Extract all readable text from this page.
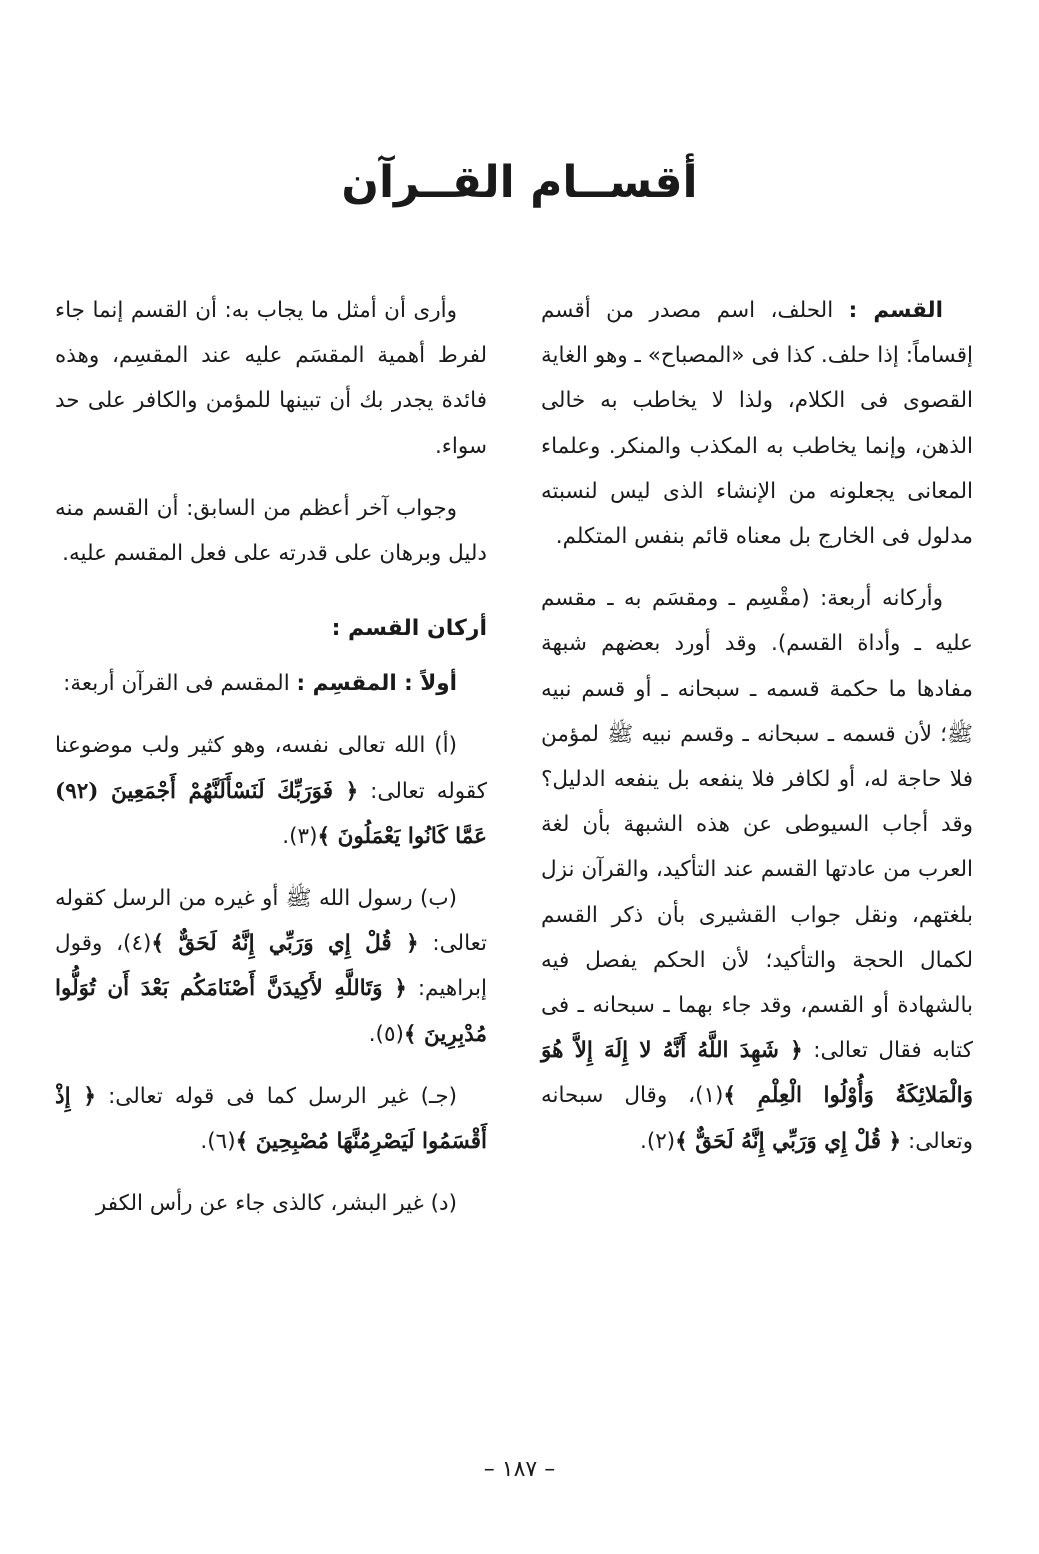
أقســام القــرآن

القسم : الحلف، اسم مصدر من أقسم إقساماً: إذا حلف. كذا فى «المصباح» ـ وهو الغاية القصوى فى الكلام، ولذا لا يخاطب به خالى الذهن، وإنما يخاطب به المكذب والمنكر. وعلماء المعانى يجعلونه من الإنشاء الذى ليس لنسبته مدلول فى الخارج بل معناه قائم بنفس المتكلم.

وأركانه أربعة: (مقْسِم ـ ومقسَم به ـ مقسم عليه ـ وأداة القسم). وقد أورد بعضهم شبهة مفادها ما حكمة قسمه ـ سبحانه ـ أو قسم نبيه ﷺ؛ لأن قسمه ـ سبحانه ـ وقسم نبيه ﷺ لمؤمن فلا حاجة له، أو لكافر فلا ينفعه بل ينفعه الدليل؟ وقد أجاب السيوطى عن هذه الشبهة بأن لغة العرب من عادتها القسم عند التأكيد، والقرآن نزل بلغتهم، ونقل جواب القشيرى بأن ذكر القسم لكمال الحجة والتأكيد؛ لأن الحكم يفصل فيه بالشهادة أو القسم، وقد جاء بهما ـ سبحانه ـ فى كتابه فقال تعالى: ﴿ شَهِدَ اللَّهُ أَنَّهُ لا إِلَهَ إِلاَّ هُوَ وَالْمَلائِكَةُ وَأُوْلُوا الْعِلْمِ ﴾(١)، وقال سبحانه وتعالى: ﴿ قُلْ إِي وَرَبِّي إِنَّهُ لَحَقٌّ ﴾(٢).

وأرى أن أمثل ما يجاب به: أن القسم إنما جاء لفرط أهمية المقسَم عليه عند المقسِم، وهذه فائدة يجدر بك أن تبينها للمؤمن والكافر على حد سواء.

وجواب آخر أعظم من السابق: أن القسم منه دليل وبرهان على قدرته على فعل المقسم عليه.

أركان القسم :

أولاً : المقسِم : المقسم فى القرآن أربعة:

(أ) الله تعالى نفسه، وهو كثير ولب موضوعنا كقوله تعالى: ﴿ فَوَرَبِّكَ لَنَسْأَلَنَّهُمْ أَجْمَعِينَ (٩٢) عَمَّا كَانُوا يَعْمَلُونَ ﴾(٣).

(ب) رسول الله ﷺ أو غيره من الرسل كقوله تعالى: ﴿ قُلْ إِي وَرَبِّي إِنَّهُ لَحَقٌّ ﴾(٤)، وقول إبراهيم: ﴿ وَتَاللَّهِ لأَكِيدَنَّ أَصْنَامَكُم بَعْدَ أَن تُوَلُّوا مُدْبِرِينَ ﴾(٥).

(جـ) غير الرسل كما فى قوله تعالى: ﴿ إِذْ أَقْسَمُوا لَيَصْرِمُنَّهَا مُصْبِحِينَ ﴾(٦).

(د) غير البشر، كالذى جاء عن رأس الكفر

– ١٨٧ –
